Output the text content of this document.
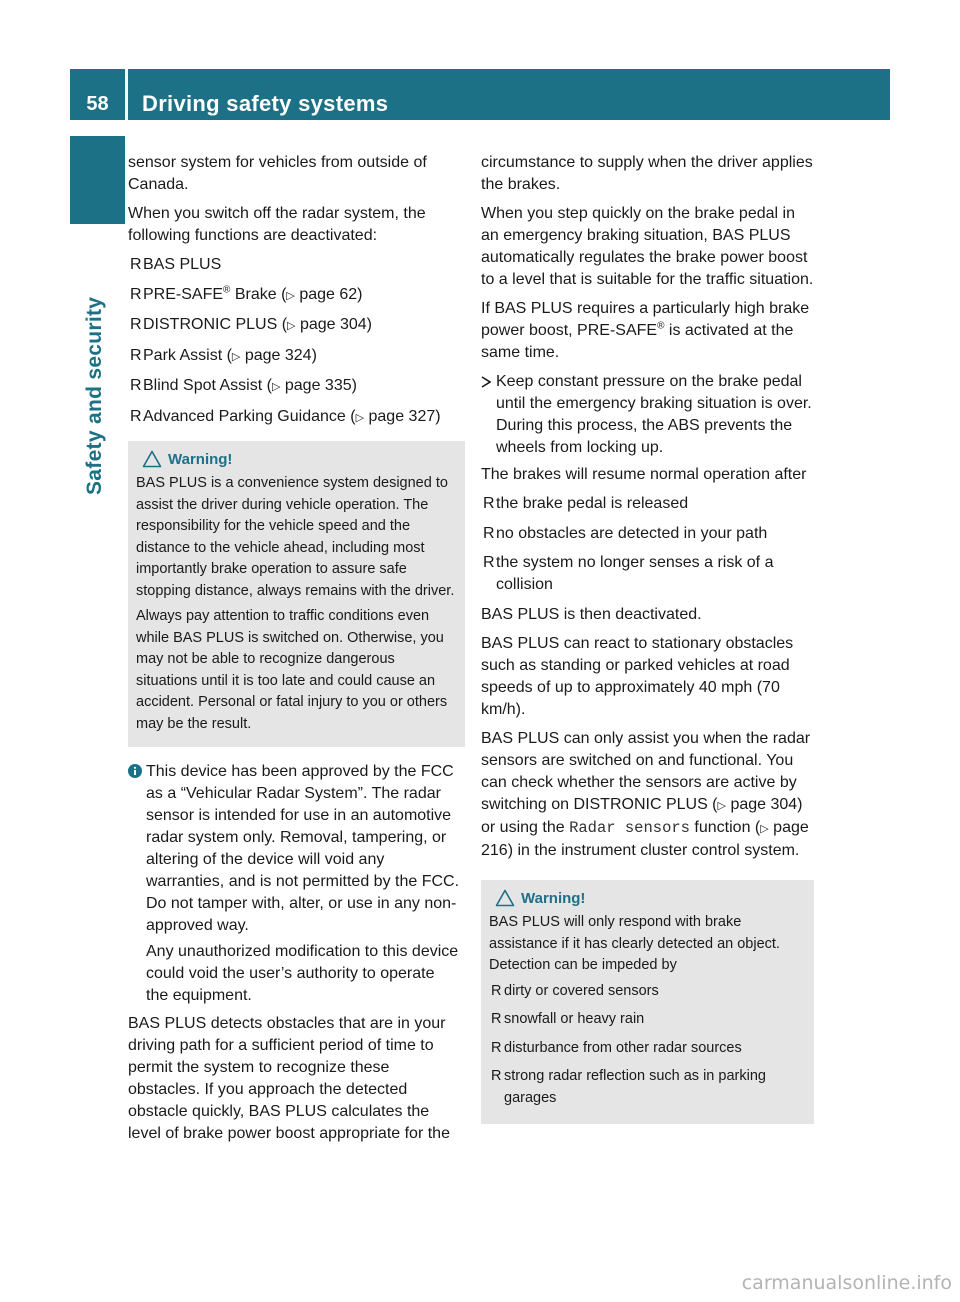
58	Driving safety systems
Safety and security

sensor system for vehicles from outside of Canada.

When you switch off the radar system, the following functions are deactivated:

R BAS PLUS
R PRE-SAFE® Brake (▷ page 62)
R DISTRONIC PLUS (▷ page 304)
R Park Assist (▷ page 324)
R Blind Spot Assist (▷ page 335)
R Advanced Parking Guidance (▷ page 327)
Warning!

BAS PLUS is a convenience system designed to assist the driver during vehicle operation. The responsibility for the vehicle speed and the distance to the vehicle ahead, including most importantly brake operation to assure safe stopping distance, always remains with the driver.

Always pay attention to traffic conditions even while BAS PLUS is switched on. Otherwise, you may not be able to recognize dangerous situations until it is too late and could cause an accident. Personal or fatal injury to you or others may be the result.

This device has been approved by the FCC as a “Vehicular Radar System”. The radar sensor is intended for use in an automotive radar system only. Removal, tampering, or altering of the device will void any warranties, and is not permitted by the FCC. Do not tamper with, alter, or use in any non-approved way.

Any unauthorized modification to this device could void the user’s authority to operate the equipment.

BAS PLUS detects obstacles that are in your driving path for a sufficient period of time to permit the system to recognize these obstacles. If you approach the detected obstacle quickly, BAS PLUS calculates the level of brake power boost appropriate for the

circumstance to supply when the driver applies the brakes.

When you step quickly on the brake pedal in an emergency braking situation, BAS PLUS automatically regulates the brake power boost to a level that is suitable for the traffic situation.

If BAS PLUS requires a particularly high brake power boost, PRE-SAFE® is activated at the same time.

Keep constant pressure on the brake pedal until the emergency braking situation is over.

During this process, the ABS prevents the wheels from locking up.

The brakes will resume normal operation after

R the brake pedal is released
R no obstacles are detected in your path
R the system no longer senses a risk of a collision

BAS PLUS is then deactivated.

BAS PLUS can react to stationary obstacles such as standing or parked vehicles at road speeds of up to approximately 40 mph (70 km/h).

BAS PLUS can only assist you when the radar sensors are switched on and functional. You can check whether the sensors are active by switching on DISTRONIC PLUS (▷ page 304) or using the Radar sensors function (▷ page 216) in the instrument cluster control system.

Warning!

BAS PLUS will only respond with brake assistance if it has clearly detected an object. Detection can be impeded by

R dirty or covered sensors
R snowfall or heavy rain
R disturbance from other radar sources
R strong radar reflection such as in parking garages
carmanualsonline.info
